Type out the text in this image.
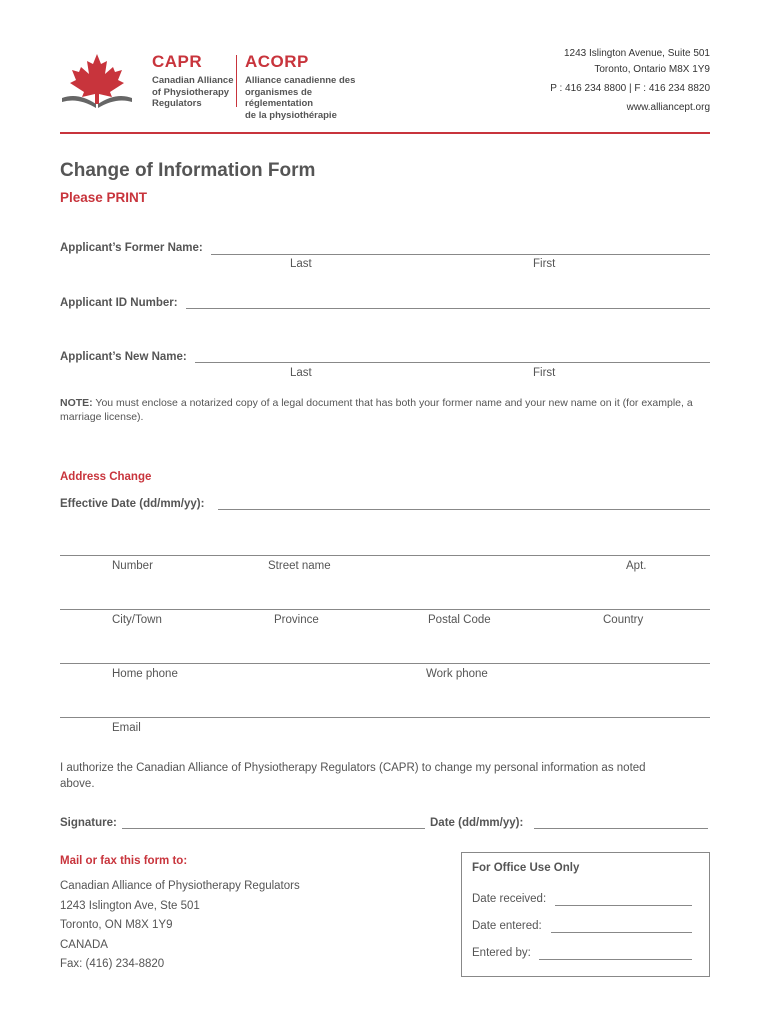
CAPR
Canadian Alliance
of Physiotherapy
Regulators
ACORP
Alliance canadienne des
organismes de réglementation
de la physiothérapie
1243 Islington Avenue, Suite 501
Toronto, Ontario M8X 1Y9
P : 416 234 8800 | F : 416 234 8820
www.alliancept.org
Change of Information Form
Please PRINT
Applicant’s Former Name:
Last	First
Applicant ID Number:
Applicant’s New Name:
Last	First
NOTE: You must enclose a notarized copy of a legal document that has both your former name and your new name on it (for example, a marriage license).
Address Change
Effective Date (dd/mm/yy):
Number	Street name	Apt.
City/Town	Province	Postal Code	Country
Home phone	Work phone
Email
I authorize the Canadian Alliance of Physiotherapy Regulators (CAPR) to change my personal information as noted above.
Signature:	Date (dd/mm/yy):
Mail or fax this form to:
Canadian Alliance of Physiotherapy Regulators
1243 Islington Ave, Ste 501
Toronto, ON M8X 1Y9
CANADA
Fax: (416) 234-8820
For Office Use Only
Date received:
Date entered:
Entered by:
